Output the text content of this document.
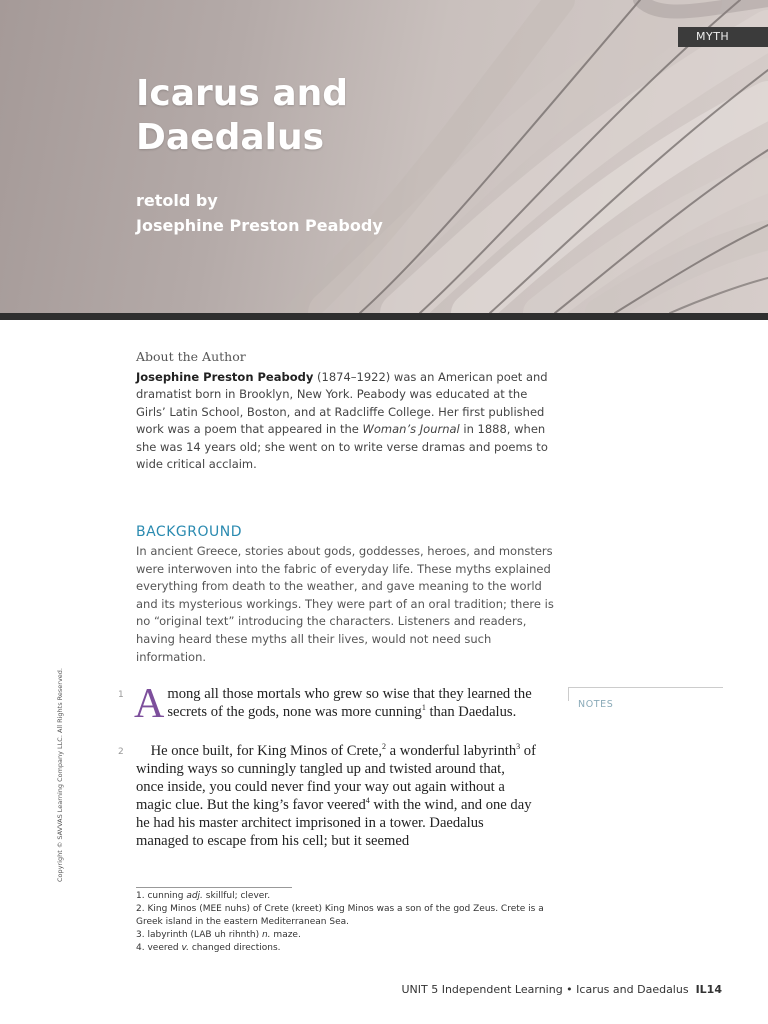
MYTH
Icarus and Daedalus
retold by
Josephine Preston Peabody
About the Author
Josephine Preston Peabody (1874–1922) was an American poet and dramatist born in Brooklyn, New York. Peabody was educated at the Girls’ Latin School, Boston, and at Radcliffe College. Her first published work was a poem that appeared in the Woman’s Journal in 1888, when she was 14 years old; she went on to write verse dramas and poems to wide critical acclaim.
BACKGROUND
In ancient Greece, stories about gods, goddesses, heroes, and monsters were interwoven into the fabric of everyday life. These myths explained everything from death to the weather, and gave meaning to the world and its mysterious workings. They were part of an oral tradition; there is no “original text” introducing the characters. Listeners and readers, having heard these myths all their lives, would not need such information.
1 Among all those mortals who grew so wise that they learned the secrets of the gods, none was more cunning$^1$ than Daedalus.
2	He once built, for King Minos of Crete,$^2$ a wonderful labyrinth$^3$ of winding ways so cunningly tangled up and twisted around that, once inside, you could never find your way out again without a magic clue. But the king’s favor veered$^4$ with the wind, and one day he had his master architect imprisoned in a tower. Daedalus managed to escape from his cell; but it seemed
NOTES
Copyright © SAVVAS Learning Company LLC. All Rights Reserved.

1. cunning adj. skillful; clever.

2. King Minos (MEE nuhs) of Crete (kreet) King Minos was a son of the god Zeus. Crete is a Greek island in the eastern Mediterranean Sea.

3. labyrinth (LAB uh rihnth) n. maze.

4. veered v. changed directions.

UNIT 5 Independent Learning • Icarus and Daedalus IL14
